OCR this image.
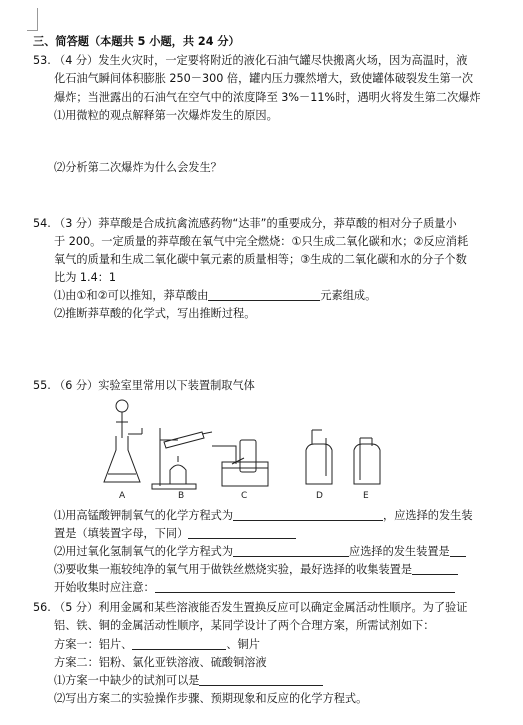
三、简答题（本题共 5 小题，共 24 分）
53. （4 分）发生火灾时，一定要将附近的液化石油气罐尽快搬离火场，因为高温时，液
化石油气瞬间体积膨胀 250－300 倍，罐内压力骤然增大，致使罐体破裂发生第一次
爆炸；当泄露出的石油气在空气中的浓度降至 3%－11%时，遇明火将发生第二次爆炸
⑴用微粒的观点解释第一次爆炸发生的原因。
⑵分析第二次爆炸为什么会发生？
54. （3 分）莽草酸是合成抗禽流感药物“达菲”的重要成分，莽草酸的相对分子质量小
于 200。一定质量的莽草酸在氧气中完全燃烧：①只生成二氧化碳和水；②反应消耗
氧气的质量和生成二氧化碳中氧元素的质量相等；③生成的二氧化碳和水的分子个数
比为 1.4：1
⑴由①和②可以推知，莽草酸由	元素组成。
⑵推断莽草酸的化学式，写出推断过程。
55. （6 分）实验室里常用以下装置制取气体
A	B	C	D	E
⑴用高锰酸钾制氧气的化学方程式为	，应选择的发生装
置是（填装置字母，下同）
⑵用过氧化氢制氧气的化学方程式为	应选择的发生装置是
⑶要收集一瓶较纯净的氧气用于做铁丝燃烧实验，最好选择的收集装置是
开始收集时应注意：
56. （5 分）利用金属和某些溶液能否发生置换反应可以确定金属活动性顺序。为了验证
铝、铁、铜的金属活动性顺序，某同学设计了两个合理方案，所需试剂如下：
方案一：铝片、	、铜片
方案二：铝粉、氯化亚铁溶液、硫酸铜溶液
⑴方案一中缺少的试剂可以是
⑵写出方案二的实验操作步骤、预期现象和反应的化学方程式。
